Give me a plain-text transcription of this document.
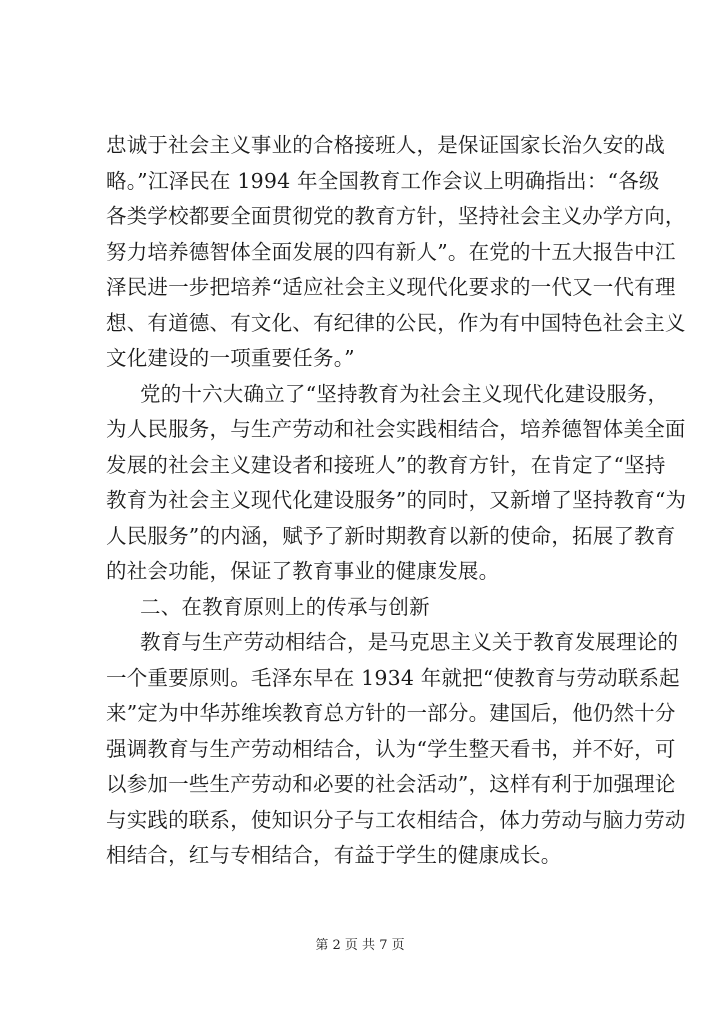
忠诚于社会主义事业的合格接班人，是保证国家长治久安的战
略。”江泽民在 1994 年全国教育工作会议上明确指出：“各级
各类学校都要全面贯彻党的教育方针，坚持社会主义办学方向，
努力培养德智体全面发展的四有新人”。在党的十五大报告中江
泽民进一步把培养“适应社会主义现代化要求的一代又一代有理
想、有道德、有文化、有纪律的公民，作为有中国特色社会主义
文化建设的一项重要任务。”
党的十六大确立了“坚持教育为社会主义现代化建设服务，
为人民服务，与生产劳动和社会实践相结合，培养德智体美全面
发展的社会主义建设者和接班人”的教育方针，在肯定了“坚持
教育为社会主义现代化建设服务”的同时，又新增了坚持教育“为
人民服务”的内涵，赋予了新时期教育以新的使命，拓展了教育
的社会功能，保证了教育事业的健康发展。
二、在教育原则上的传承与创新
教育与生产劳动相结合，是马克思主义关于教育发展理论的
一个重要原则。毛泽东早在 1934 年就把“使教育与劳动联系起
来”定为中华苏维埃教育总方针的一部分。建国后，他仍然十分
强调教育与生产劳动相结合，认为“学生整天看书，并不好，可
以参加一些生产劳动和必要的社会活动”，这样有利于加强理论
与实践的联系，使知识分子与工农相结合，体力劳动与脑力劳动
相结合，红与专相结合，有益于学生的健康成长。
第 2 页 共 7 页
